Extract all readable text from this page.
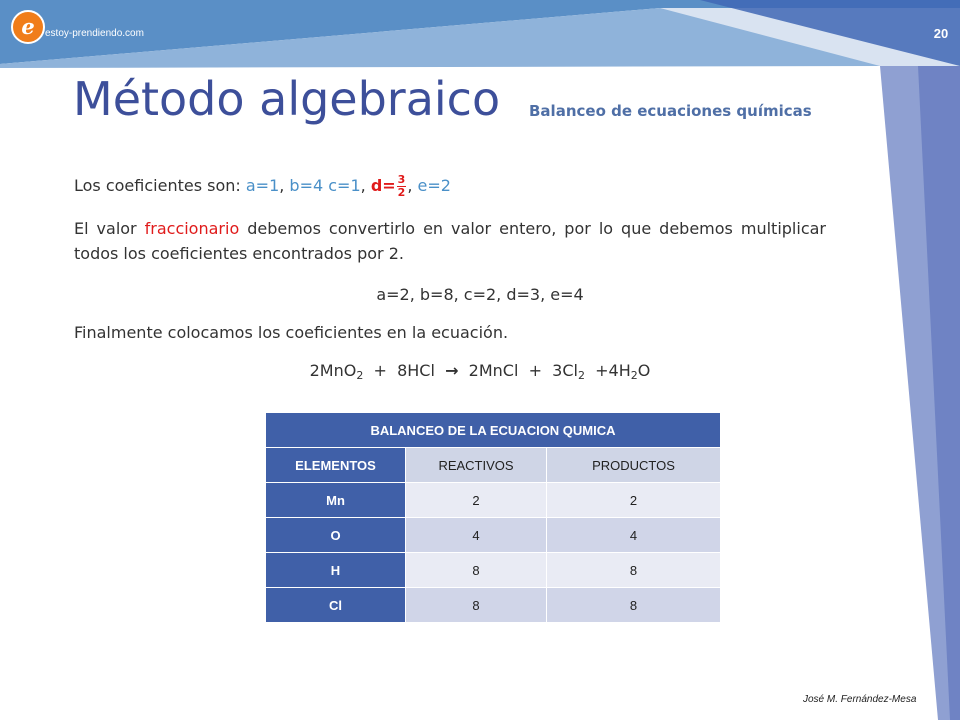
e	estoy-prendiendo.com	20
Método algebraico Balanceo de ecuaciones químicas
Los coeficientes son: a=1, b=4 c=1, $d= \frac{3}{2}$ , e=2
El valor fraccionario debemos convertirlo en valor entero, por lo que debemos multiplicar todos los coeficientes encontrados por 2.
a=2, b=8, c=2, d=3, e=4
Finalmente colocamos los coeficientes en la ecuación.
2MnO$_2$  +  8HCl  →  2MnCl  +  $3Cl_2 +4H_2O$
BALANCEO DE LA ECUACION QUMICA		
ELEMENTOS	REACTIVOS	PRODUCTOS
Mn	2	2
O	4	4
H	8	8
Cl	8	8
José M. Fernández-Mesa
